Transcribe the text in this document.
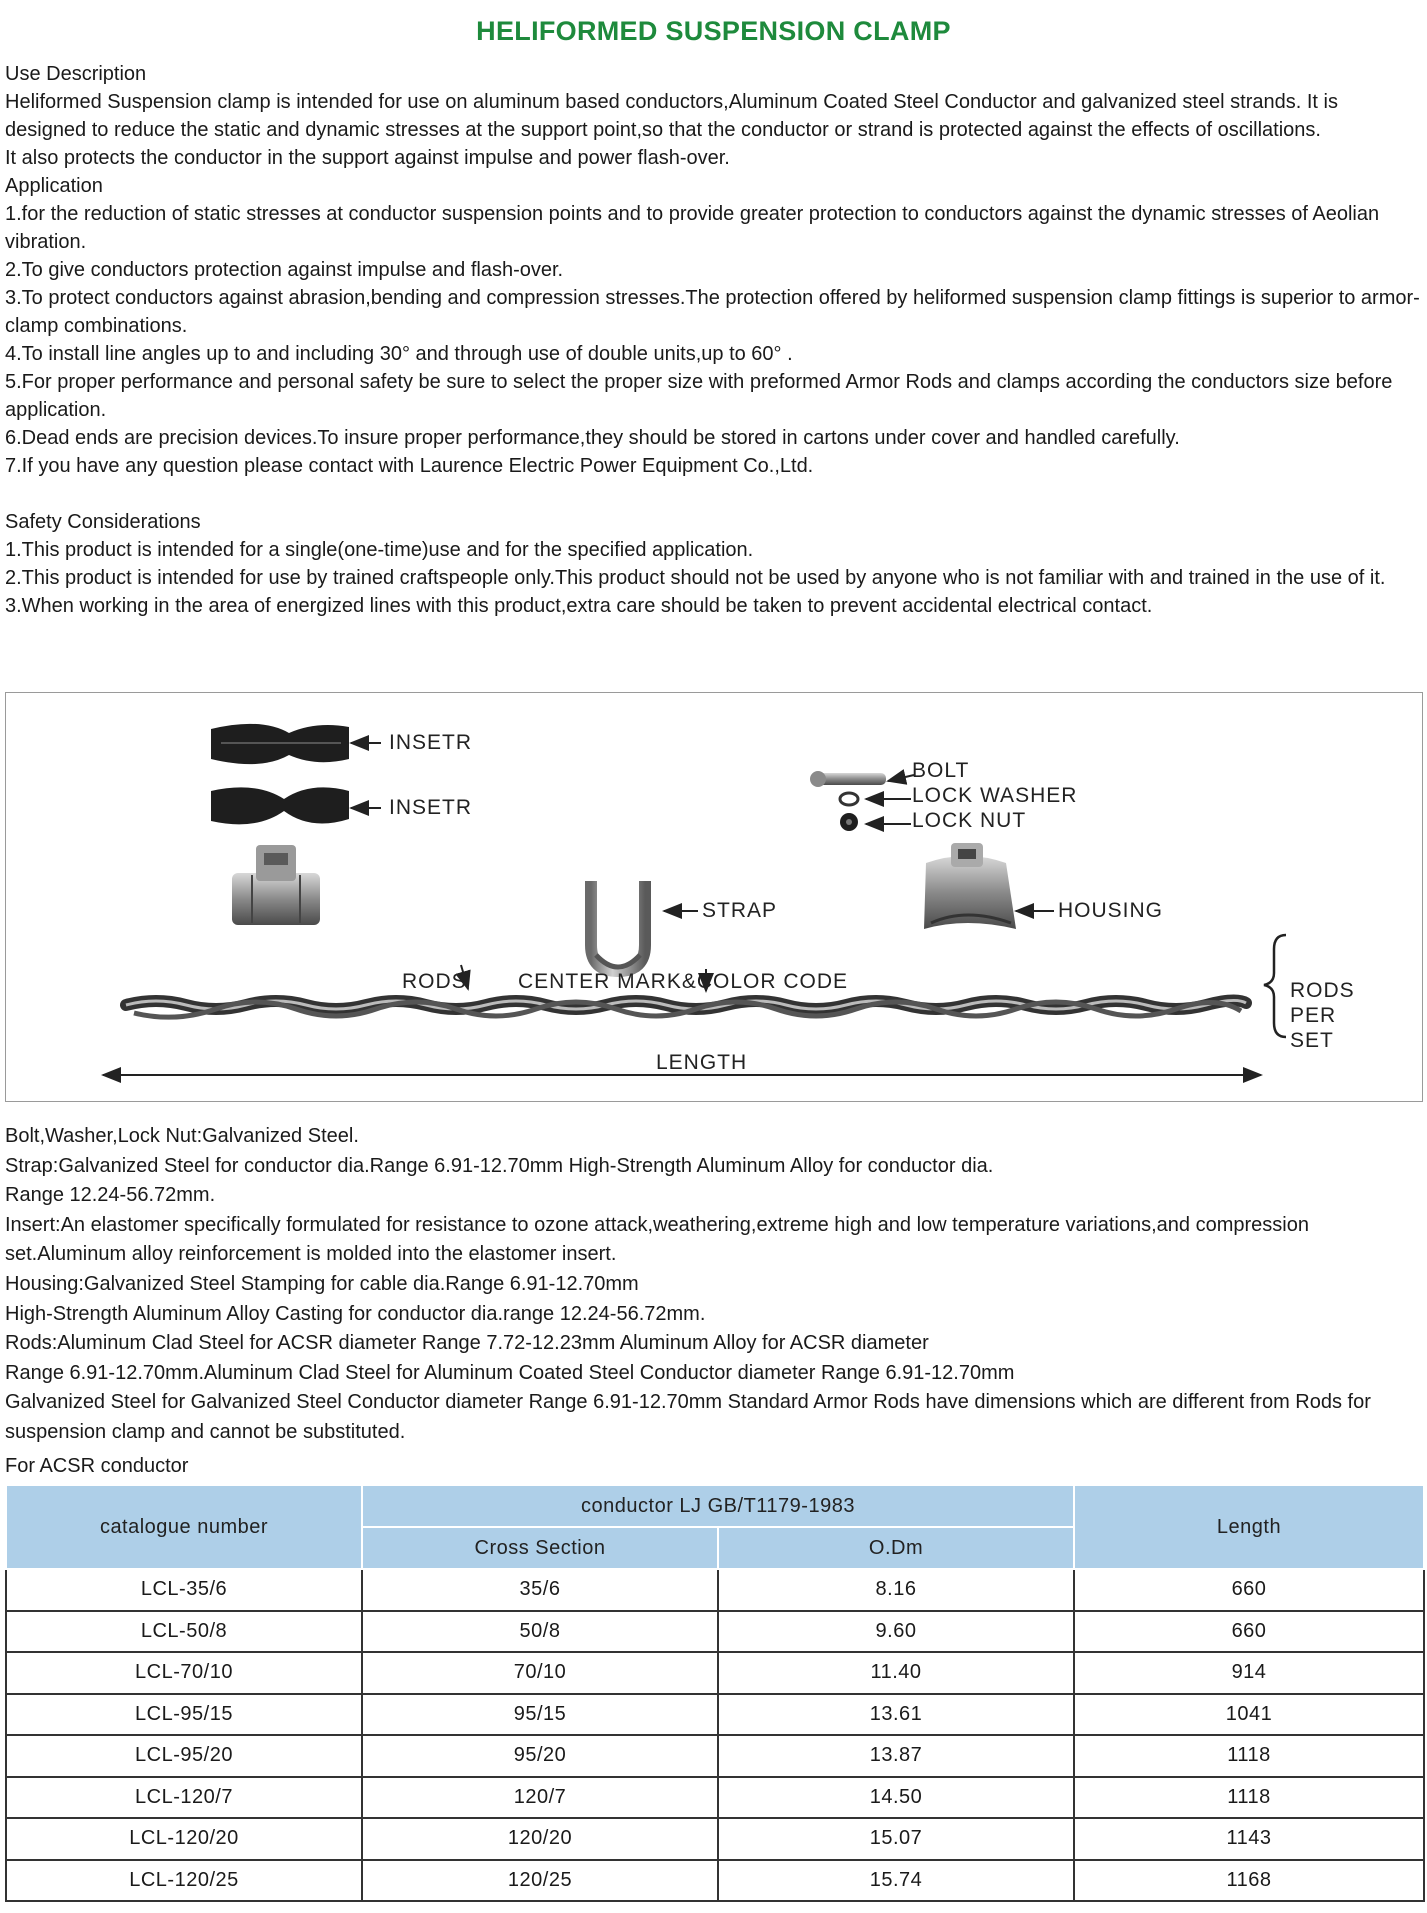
HELIFORMED SUSPENSION CLAMP

Use Description

Heliformed Suspension clamp is intended for use on aluminum based conductors,Aluminum Coated Steel Conductor and galvanized steel strands. It is designed to reduce the static and dynamic stresses at the support point,so that the conductor or strand is protected against the effects of oscillations.

It also protects the conductor in the support against impulse and power flash-over.

Application

1.for the reduction of static stresses at conductor suspension points and to provide greater protection to conductors against the dynamic stresses of Aeolian vibration.

2.To give conductors protection against impulse and flash-over.

3.To protect conductors against abrasion,bending and compression stresses.The protection offered by heliformed suspension clamp fittings is superior to armor-clamp combinations.

4.To install line angles up to and including 30° and through use of double units,up to 60° .

5.For proper performance and personal safety be sure to select the proper size with preformed Armor Rods and clamps according the conductors size before application.

6.Dead ends are precision devices.To insure proper performance,they should be stored in cartons under cover and handled carefully.

7.If you have any question please contact with Laurence Electric Power Equipment Co.,Ltd.

Safety Considerations

1.This product is intended for a single(one-time)use and for the specified application.

2.This product is intended for use by trained craftspeople only.This product should not be used by anyone who is not familiar with and trained in the use of it.

3.When working in the area of energized lines with this product,extra care should be taken to prevent accidental electrical contact.

INSETR
INSETR
BOLT
LOCK WASHER
LOCK NUT
STRAP	HOUSING
RODS CENTER MARK&COLOR CODE
LENGTH
RODS
PER
SET

Bolt,Washer,Lock Nut:Galvanized Steel.

Strap:Galvanized Steel for conductor dia.Range 6.91-12.70mm High-Strength Aluminum Alloy for conductor dia.

Range 12.24-56.72mm.

Insert:An elastomer specifically formulated for resistance to ozone attack,weathering,extreme high and low temperature variations,and compression set.Aluminum alloy reinforcement is molded into the elastomer insert.

Housing:Galvanized Steel Stamping for cable dia.Range 6.91-12.70mm

High-Strength Aluminum Alloy Casting for conductor dia.range 12.24-56.72mm.

Rods:Aluminum Clad Steel for ACSR diameter Range 7.72-12.23mm Aluminum Alloy for ACSR diameter

Range 6.91-12.70mm.Aluminum Clad Steel for Aluminum Coated Steel Conductor diameter Range 6.91-12.70mm

Galvanized Steel for Galvanized Steel Conductor diameter Range 6.91-12.70mm Standard Armor Rods have dimensions which are different from Rods for suspension clamp and cannot be substituted.

For ACSR conductor
catalogue number	conductor LJ GB/T1179-1983		Length
	Cross Section	O.Dm	
LCL-35/6	35/6	8.16	660
LCL-50/8	50/8	9.60	660
LCL-70/10	70/10	11.40	914
LCL-95/15	95/15	13.61	1041
LCL-95/20	95/20	13.87	1118
LCL-120/7	120/7	14.50	1118
LCL-120/20	120/20	15.07	1143
LCL-120/25	120/25	15.74	1168
